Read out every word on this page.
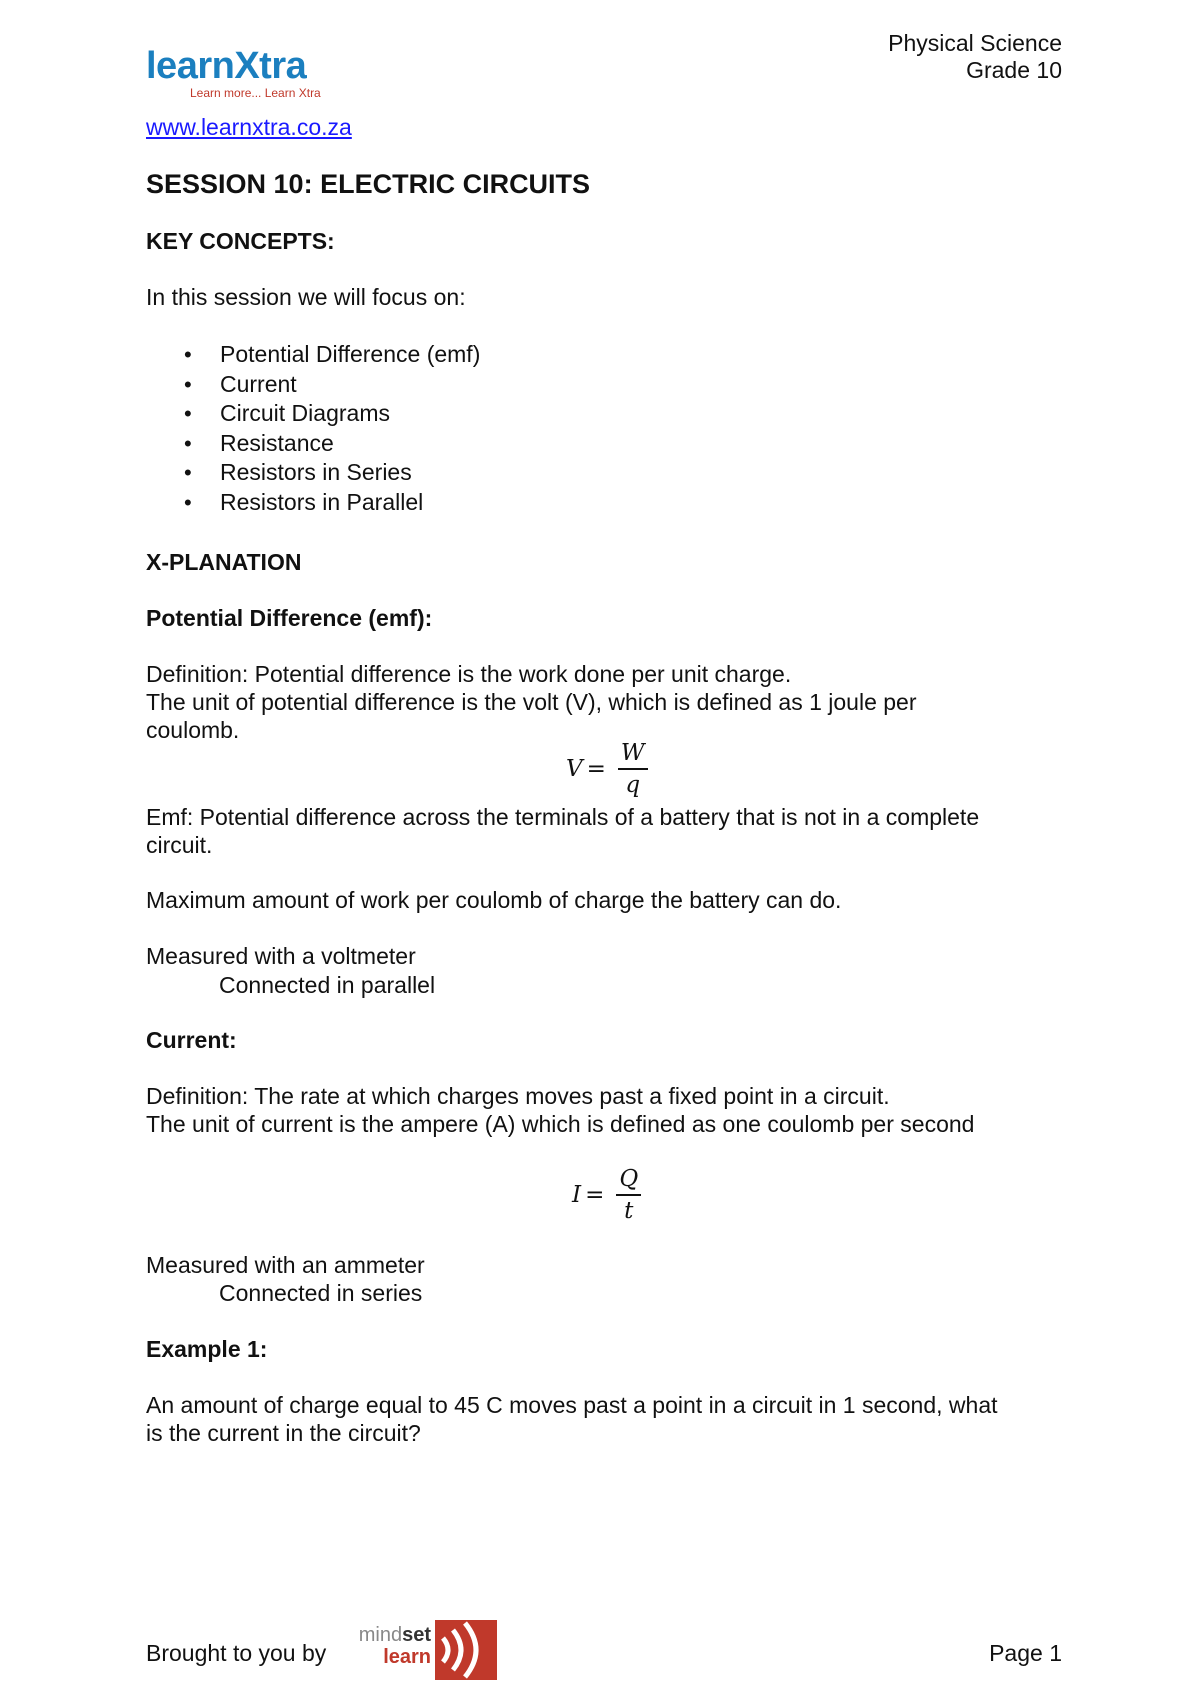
learnXtra
Learn more... Learn Xtra
Physical Science
Grade 10
www.learnxtra.co.za
SESSION 10: ELECTRIC CIRCUITS
KEY CONCEPTS:
In this session we will focus on:
• Potential Difference (emf)
• Current
• Circuit Diagrams
• Resistance
• Resistors in Series
• Resistors in Parallel
X-PLANATION
Potential Difference (emf):
Definition: Potential difference is the work done per unit charge.
The unit of potential difference is the volt (V), which is defined as 1 joule per
coulomb.
$V = \frac{W}{q}$
Emf: Potential difference across the terminals of a battery that is not in a complete
circuit.
Maximum amount of work per coulomb of charge the battery can do.
Measured with a voltmeter
Connected in parallel
Current:
Definition: The rate at which charges moves past a fixed point in a circuit.
The unit of current is the ampere (A) which is defined as one coulomb per second
$I = \frac{Q}{t}$
Measured with an ammeter
Connected in series
Example 1:
An amount of charge equal to 45 C moves past a point in a circuit in 1 second, what
is the current in the circuit?
Brought to you by
mindset
learn	Page 1
